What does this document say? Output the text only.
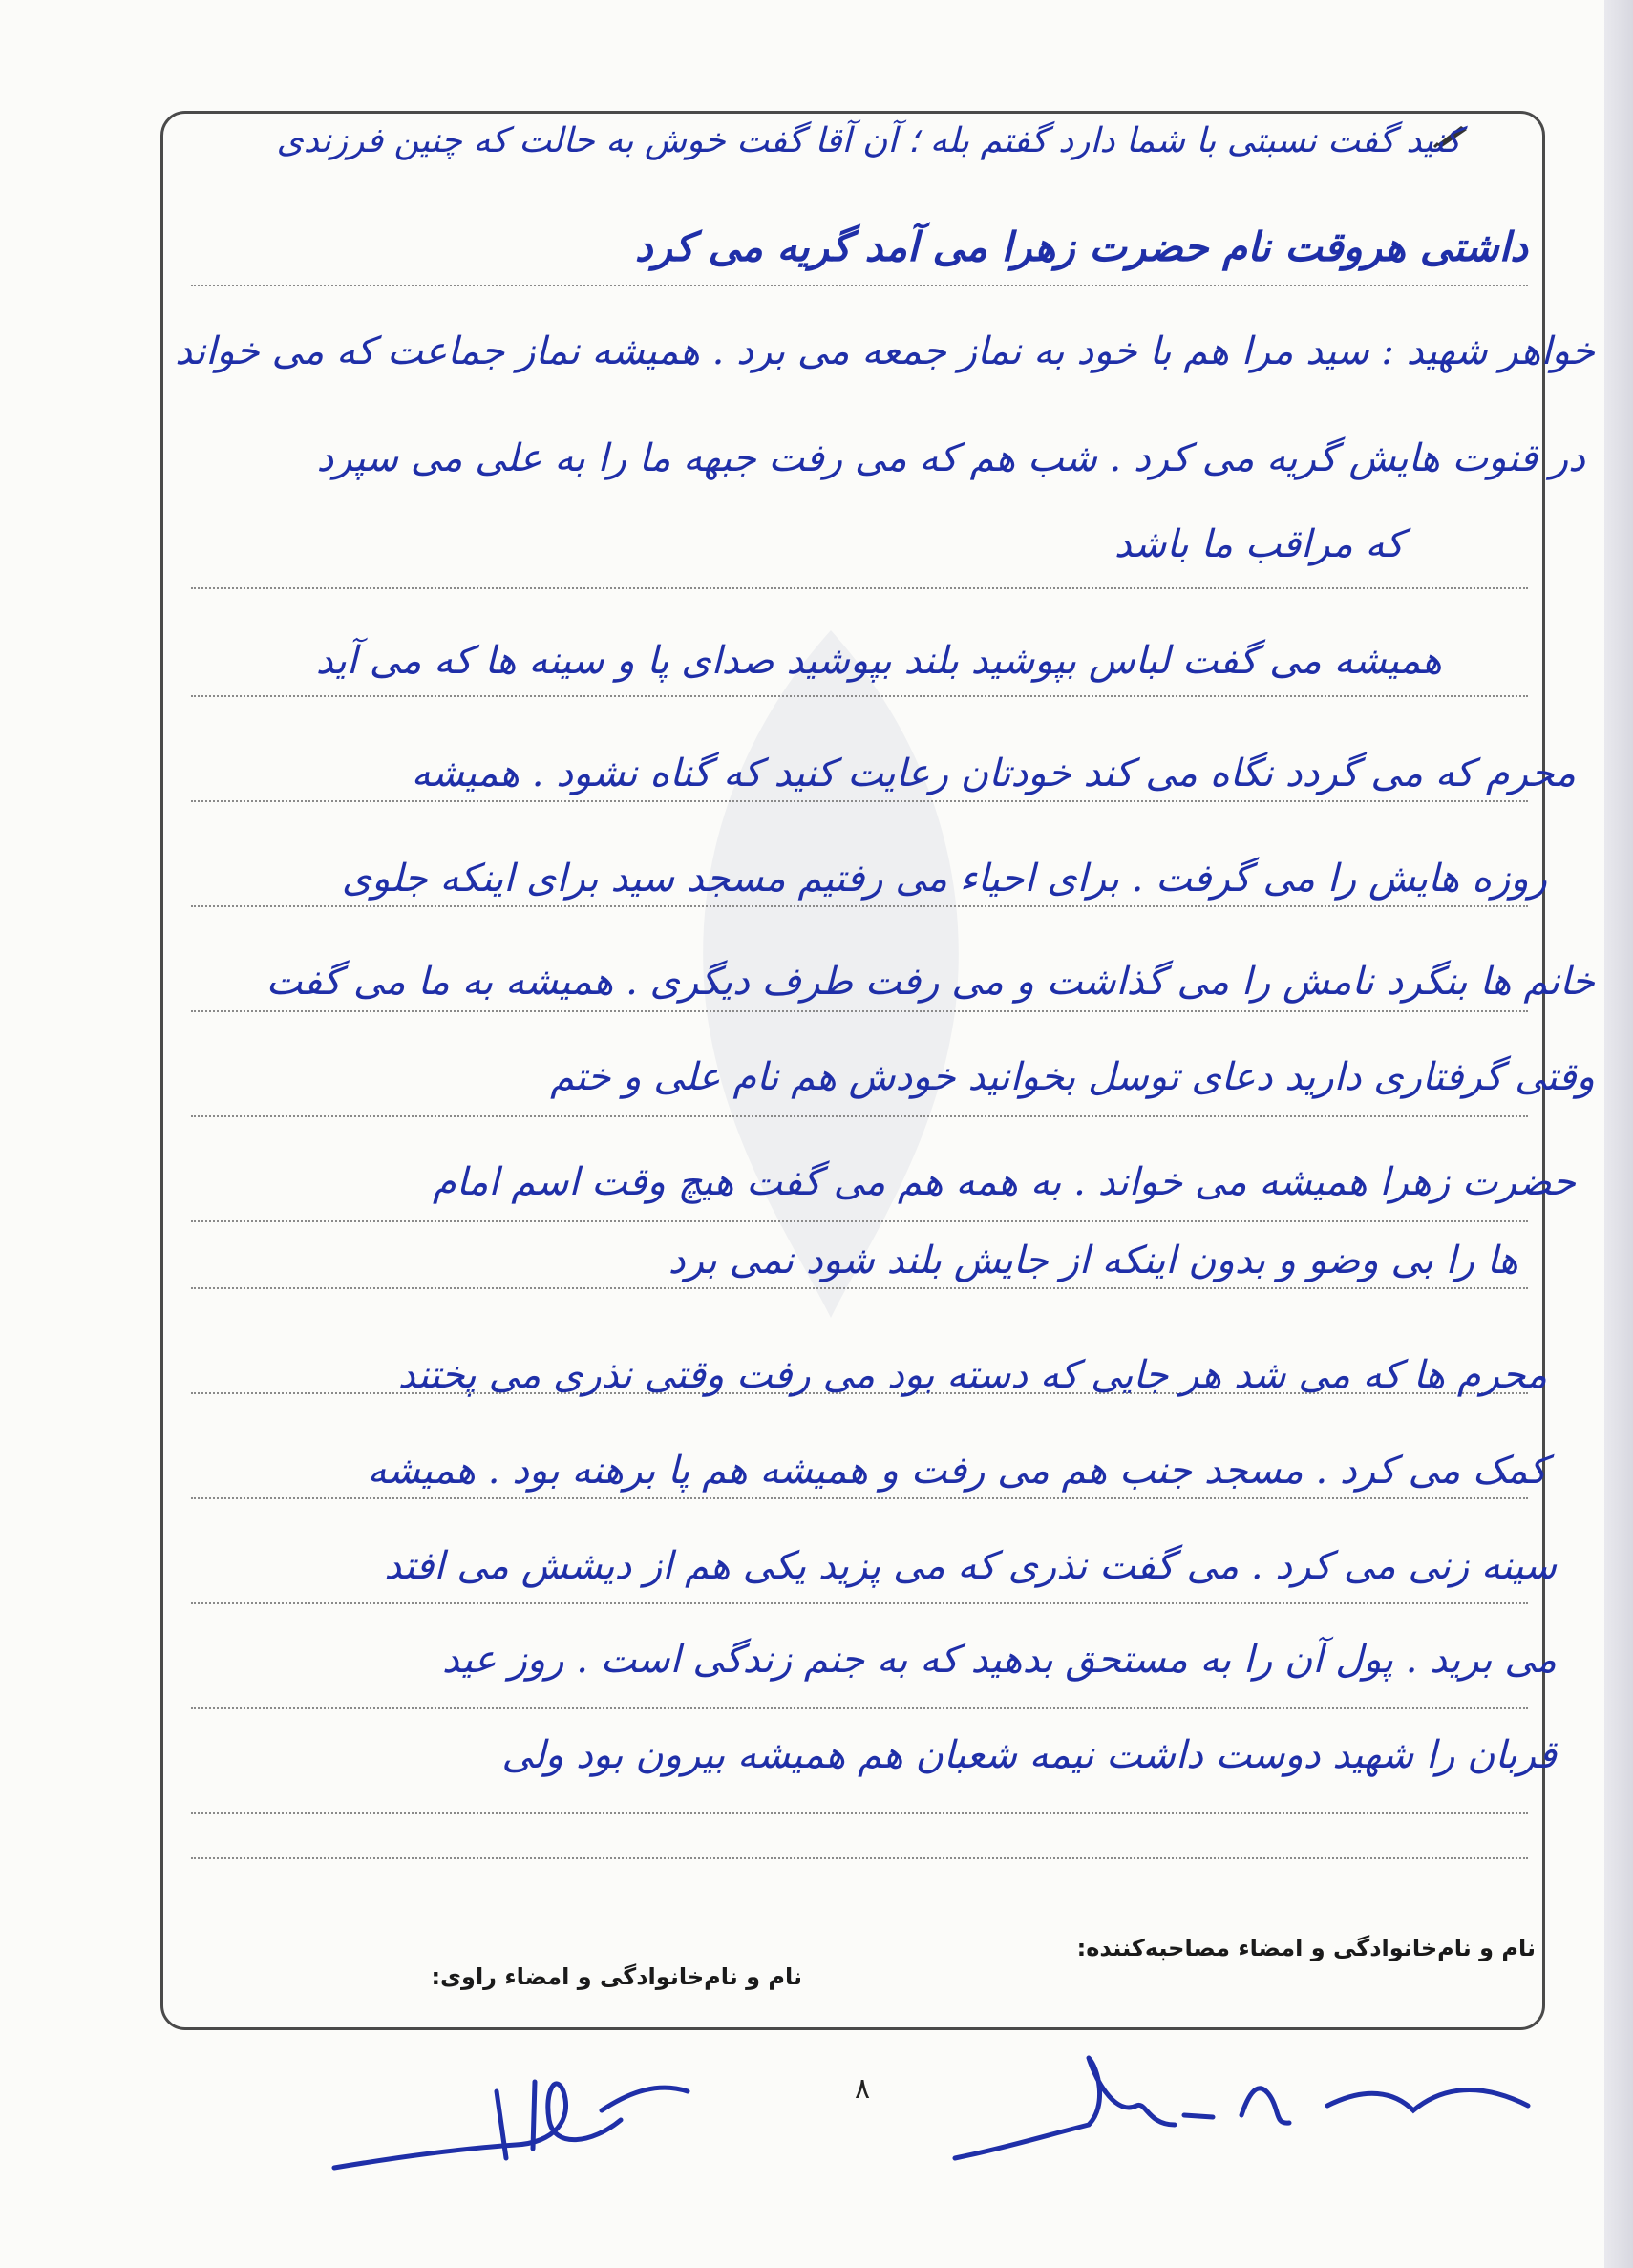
کنید گفت نسبتی با شما دارد گفتم بله ؛ آن آقا گفت خوش به حالت که چنین فرزندی
داشتی هروقت نام حضرت زهرا می آمد گریه می کرد
خواهر شهید : سید مرا هم با خود به نماز جمعه می برد . همیشه نماز جماعت که می خواند
در قنوت هایش گریه می کرد . شب هم که می رفت جبهه ما را به علی می سپرد
که مراقب ما باشد
همیشه می گفت لباس بپوشید بلند بپوشید صدای پا و سینه ها که می آید
محرم که می گردد نگاه می کند خودتان رعایت کنید که گناه نشود . همیشه
روزه هایش را می گرفت . برای احیاء می رفتیم مسجد سید برای اینکه جلوی
خانم ها بنگرد نامش را می گذاشت و می رفت طرف دیگری . همیشه به ما می گفت
وقتی گرفتاری دارید دعای توسل بخوانید خودش هم نام علی و ختم
حضرت زهرا همیشه می خواند . به همه هم می گفت هیچ وقت اسم امام
ها را بی وضو و بدون اینکه از جایش بلند شود نمی برد
محرم ها که می شد هر جایی که دسته بود می رفت وقتی نذری می پختند
کمک می کرد . مسجد جنب هم می رفت و همیشه هم پا برهنه بود . همیشه
سینه زنی می کرد . می گفت نذری که می پزید یکی هم از دیشش می افتد
می برید . پول آن را به مستحق بدهید که به جنم زندگی است . روز عید
قربان را شهید دوست داشت نیمه شعبان هم همیشه بیرون بود ولی
نام و نام‌خانوادگی و امضاء مصاحبه‌کننده:
نام و نام‌خانوادگی و امضاء راوی:
۸
